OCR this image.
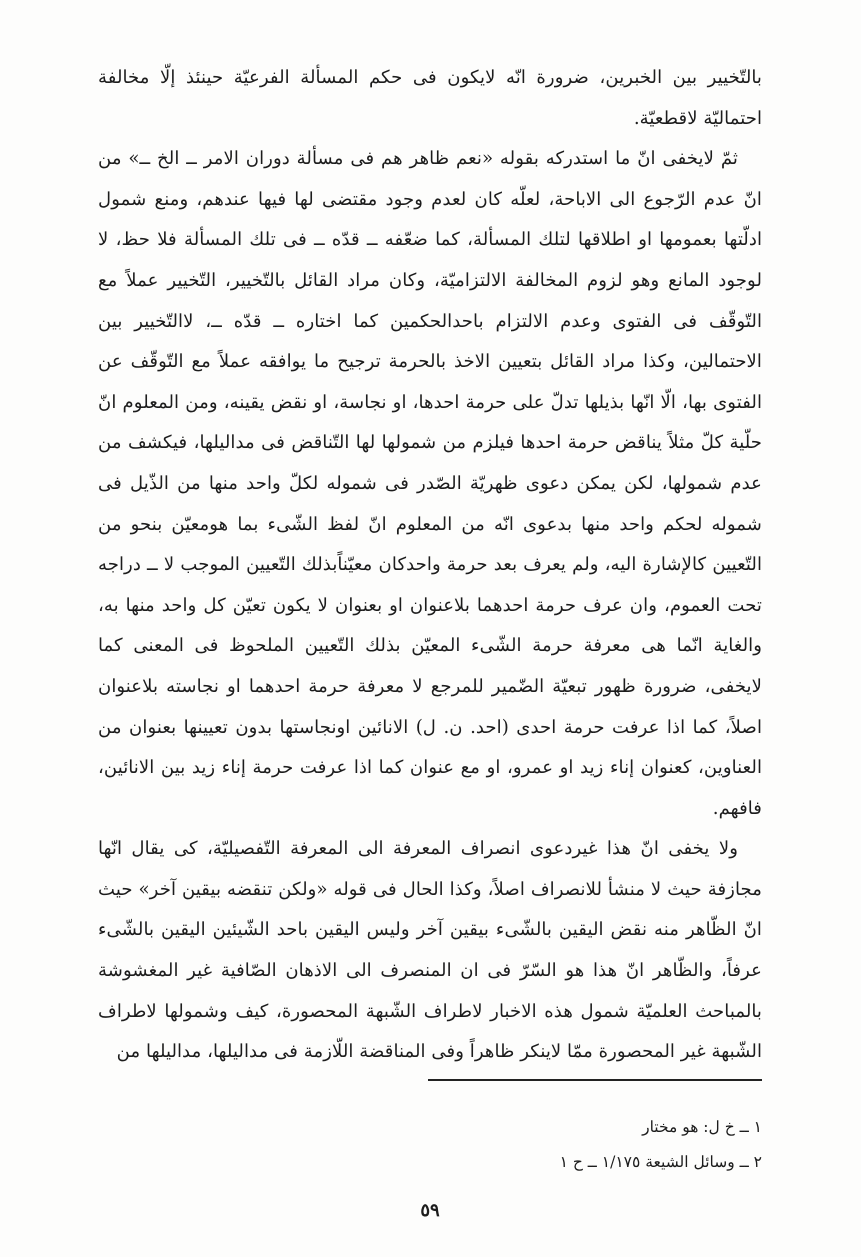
بالتّخيير بين الخبرين، ضرورة انّه لايكون فى حكم المسألة الفرعيّة حينئذ إلّا مخالفة احتماليّة لاقطعيّة.

ثمّ لايخفى انّ ما استدركه بقوله «نعم ظاهر هم فى مسألة دوران الامر ــ الخ ــ» من انّ عدم الرّجوع الى الاباحة، لعلّه كان لعدم وجود مقتضى لها فيها عندهم، ومنع شمول ادلّتها بعمومها او اطلاقها لتلك المسألة، كما ضعّفه ــ قدّه ــ فى تلك المسألة فلا حظ، لا لوجود المانع وهو لزوم المخالفة الالتزاميّة، وكان مراد القائل بالتّخيير، التّخيير عملاً مع التّوقّف فى الفتوى وعدم الالتزام باحدالحكمين كما اختاره ــ قدّه ــ، لاالتّخيير بين الاحتمالين، وكذا مراد القائل بتعيين الاخذ بالحرمة ترجيح ما يوافقه عملاً مع التّوقّف عن الفتوى بها، الّا انّها بذيلها تدلّ على حرمة احدها، او نجاسة، او نقض يقينه، ومن المعلوم انّ حلّية كلّ مثلاً يناقض حرمة احدها فيلزم من شمولها لها التّناقض فى مداليلها، فيكشف من عدم شمولها، لكن يمكن دعوى ظهريّة الصّدر فى شموله لكلّ واحد منها من الذّيل فى شموله لحكم واحد منها بدعوى انّه من المعلوم انّ لفظ الشّىء بما هومعيّن بنحو من التّعيين كالإشارة اليه، ولم يعرف بعد حرمة واحدكان معيّناًبذلك التّعيين الموجب لا ــ دراجه تحت العموم، وان عرف حرمة احدهما بلاعنوان او بعنوان لا يكون تعيّن كل واحد منها به، والغاية انّما هى معرفة حرمة الشّىء المعيّن بذلك التّعيين الملحوظ فى المعنى كما لايخفى، ضرورة ظهور تبعيّة الضّمير للمرجع لا معرفة حرمة احدهما او نجاسته بلاعنوان اصلاً، كما اذا عرفت حرمة احدى (احد. ن. ل) الانائين اونجاستها بدون تعيينها بعنوان من العناوين، كعنوان إناء زيد او عمرو، او مع عنوان كما اذا عرفت حرمة إناء زيد بين الانائين، فافهم.

ولا يخفى انّ هذا غيردعوى انصراف المعرفة الى المعرفة التّفصيليّة، كى يقال انّها مجازفة حيث لا منشأ للانصراف اصلاً، وكذا الحال فى قوله «ولكن تنقضه بيقين آخر» حيث انّ الظّاهر منه نقض اليقين بالشّىء بيقين آخر وليس اليقين باحد الشّيئين اليقين بالشّىء عرفاً، والظّاهر انّ هذا هو السّرّ فى ان المنصرف الى الاذهان الصّافية غير المغشوشة بالمباحث العلميّة شمول هذه الاخبار لاطراف الشّبهة المحصورة، كيف وشمولها لاطراف الشّبهة غير المحصورة ممّا لاينكر ظاهراً وفى المناقضة اللّازمة فى مداليلها، مداليلها من

١ ــ خ ل: هو مختار

٢ ــ وسائل الشيعة ١/١٧٥ ــ ح ١

٥٩
